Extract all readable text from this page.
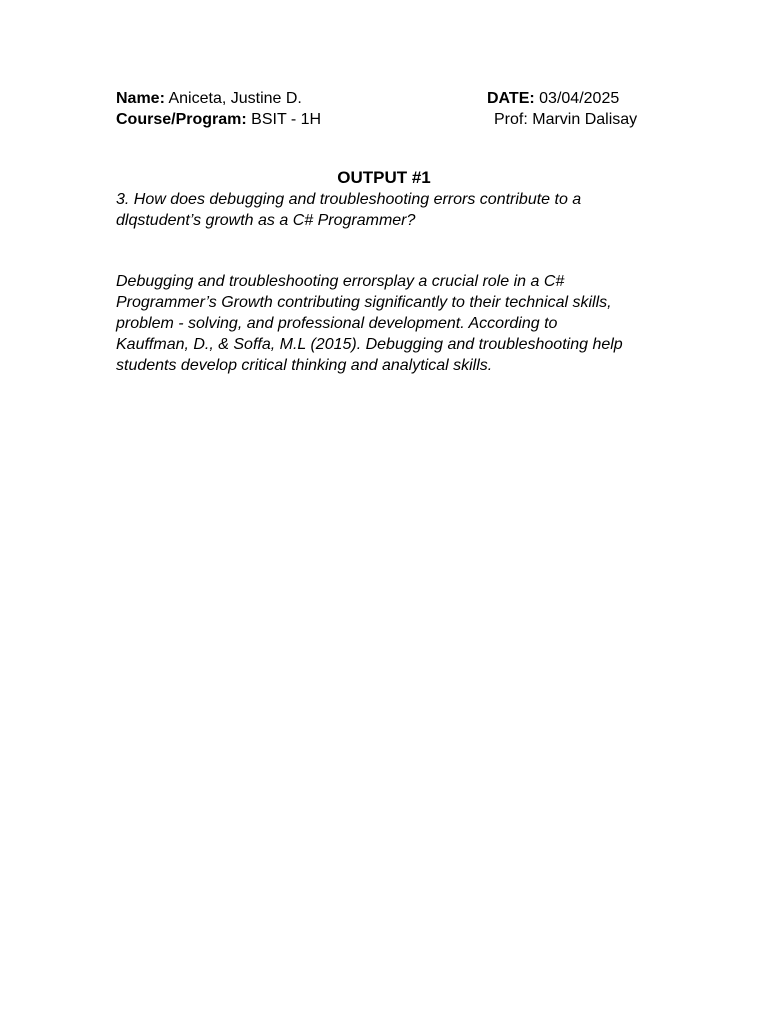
Name: Aniceta, Justine D.	DATE: 03/04/2025
Course/Program: BSIT - 1H	Prof: Marvin Dalisay
OUTPUT #1
3. How does debugging and troubleshooting errors contribute to a
dlqstudent’s growth as a C# Programmer?
Debugging and troubleshooting errorsplay a crucial role in a C#
Programmer’s Growth contributing significantly to their technical skills,
problem - solving, and professional development. According to
Kauffman, D., & Soffa, M.L (2015). Debugging and troubleshooting help
students develop critical thinking and analytical skills.
